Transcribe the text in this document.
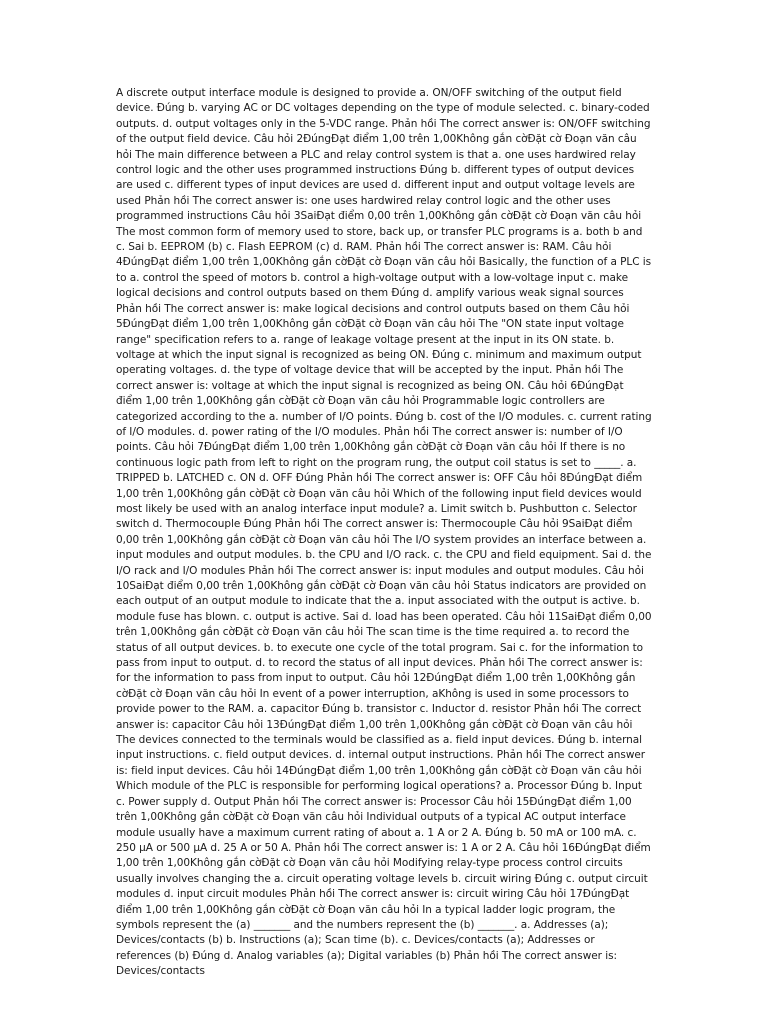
A discrete output interface module is designed to provide a. ON/OFF switching of the output field device. Đúng b. varying AC or DC voltages depending on the type of module selected. c. binary-coded outputs. d. output voltages only in the 5-VDC range. Phản hồi The correct answer is: ON/OFF switching of the output field device. Câu hỏi 2ĐúngĐạt điểm 1,00 trên 1,00Không gắn cờĐặt cờ Đoạn văn câu hỏi The main difference between a PLC and relay control system is that a. one uses hardwired relay control logic and the other uses programmed instructions Đúng b. different types of output devices are used c. different types of input devices are used d. different input and output voltage levels are used Phản hồi The correct answer is: one uses hardwired relay control logic and the other uses programmed instructions Câu hỏi 3SaiĐạt điểm 0,00 trên 1,00Không gắn cờĐặt cờ Đoạn văn câu hỏi The most common form of memory used to store, back up, or transfer PLC programs is a. both b and c. Sai b. EEPROM (b) c. Flash EEPROM (c) d. RAM. Phản hồi The correct answer is: RAM. Câu hỏi 4ĐúngĐạt điểm 1,00 trên 1,00Không gắn cờĐặt cờ Đoạn văn câu hỏi Basically, the function of a PLC is to a. control the speed of motors b. control a high-voltage output with a low-voltage input c. make logical decisions and control outputs based on them Đúng d. amplify various weak signal sources Phản hồi The correct answer is: make logical decisions and control outputs based on them Câu hỏi 5ĐúngĐạt điểm 1,00 trên 1,00Không gắn cờĐặt cờ Đoạn văn câu hỏi The "ON state input voltage range" specification refers to a. range of leakage voltage present at the input in its ON state. b. voltage at which the input signal is recognized as being ON. Đúng c. minimum and maximum output operating voltages. d. the type of voltage device that will be accepted by the input. Phản hồi The correct answer is: voltage at which the input signal is recognized as being ON. Câu hỏi 6ĐúngĐạt điểm 1,00 trên 1,00Không gắn cờĐặt cờ Đoạn văn câu hỏi Programmable logic controllers are categorized according to the a. number of I/O points. Đúng b. cost of the I/O modules. c. current rating of I/O modules. d. power rating of the I/O modules. Phản hồi The correct answer is: number of I/O points. Câu hỏi 7ĐúngĐạt điểm 1,00 trên 1,00Không gắn cờĐặt cờ Đoạn văn câu hỏi If there is no continuous logic path from left to right on the program rung, the output coil status is set to _____. a. TRIPPED b. LATCHED c. ON d. OFF Đúng Phản hồi The correct answer is: OFF Câu hỏi 8ĐúngĐạt điểm 1,00 trên 1,00Không gắn cờĐặt cờ Đoạn văn câu hỏi Which of the following input field devices would most likely be used with an analog interface input module? a. Limit switch b. Pushbutton c. Selector switch d. Thermocouple Đúng Phản hồi The correct answer is: Thermocouple Câu hỏi 9SaiĐạt điểm 0,00 trên 1,00Không gắn cờĐặt cờ Đoạn văn câu hỏi The I/O system provides an interface between a. input modules and output modules. b. the CPU and I/O rack. c. the CPU and field equipment. Sai d. the I/O rack and I/O modules Phản hồi The correct answer is: input modules and output modules. Câu hỏi 10SaiĐạt điểm 0,00 trên 1,00Không gắn cờĐặt cờ Đoạn văn câu hỏi Status indicators are provided on each output of an output module to indicate that the a. input associated with the output is active. b. module fuse has blown. c. output is active. Sai d. load has been operated. Câu hỏi 11SaiĐạt điểm 0,00 trên 1,00Không gắn cờĐặt cờ Đoạn văn câu hỏi The scan time is the time required a. to record the status of all output devices. b. to execute one cycle of the total program. Sai c. for the information to pass from input to output. d. to record the status of all input devices. Phản hồi The correct answer is: for the information to pass from input to output. Câu hỏi 12ĐúngĐạt điểm 1,00 trên 1,00Không gắn cờĐặt cờ Đoạn văn câu hỏi In event of a power interruption, aKhông is used in some processors to provide power to the RAM. a. capacitor Đúng b. transistor c. Inductor d. resistor Phản hồi The correct answer is: capacitor Câu hỏi 13ĐúngĐạt điểm 1,00 trên 1,00Không gắn cờĐặt cờ Đoạn văn câu hỏi The devices connected to the terminals would be classified as a. field input devices. Đúng b. internal input instructions. c. field output devices. d. internal output instructions. Phản hồi The correct answer is: field input devices. Câu hỏi 14ĐúngĐạt điểm 1,00 trên 1,00Không gắn cờĐặt cờ Đoạn văn câu hỏi Which module of the PLC is responsible for performing logical operations? a. Processor Đúng b. Input c. Power supply d. Output Phản hồi The correct answer is: Processor Câu hỏi 15ĐúngĐạt điểm 1,00 trên 1,00Không gắn cờĐặt cờ Đoạn văn câu hỏi Individual outputs of a typical AC output interface module usually have a maximum current rating of about a. 1 A or 2 A. Đúng b. 50 mA or 100 mA. c. 250 μA or 500 μA d. 25 A or 50 A. Phản hồi The correct answer is: 1 A or 2 A. Câu hỏi 16ĐúngĐạt điểm 1,00 trên 1,00Không gắn cờĐặt cờ Đoạn văn câu hỏi Modifying relay-type process control circuits usually involves changing the a. circuit operating voltage levels b. circuit wiring Đúng c. output circuit modules d. input circuit modules Phản hồi The correct answer is: circuit wiring Câu hỏi 17ĐúngĐạt điểm 1,00 trên 1,00Không gắn cờĐặt cờ Đoạn văn câu hỏi In a typical ladder logic program, the symbols represent the (a) _______ and the numbers represent the (b) _______. a. Addresses (a); Devices/contacts (b) b. Instructions (a); Scan time (b). c. Devices/contacts (a); Addresses or references (b) Đúng d. Analog variables (a); Digital variables (b) Phản hồi The correct answer is: Devices/contacts
